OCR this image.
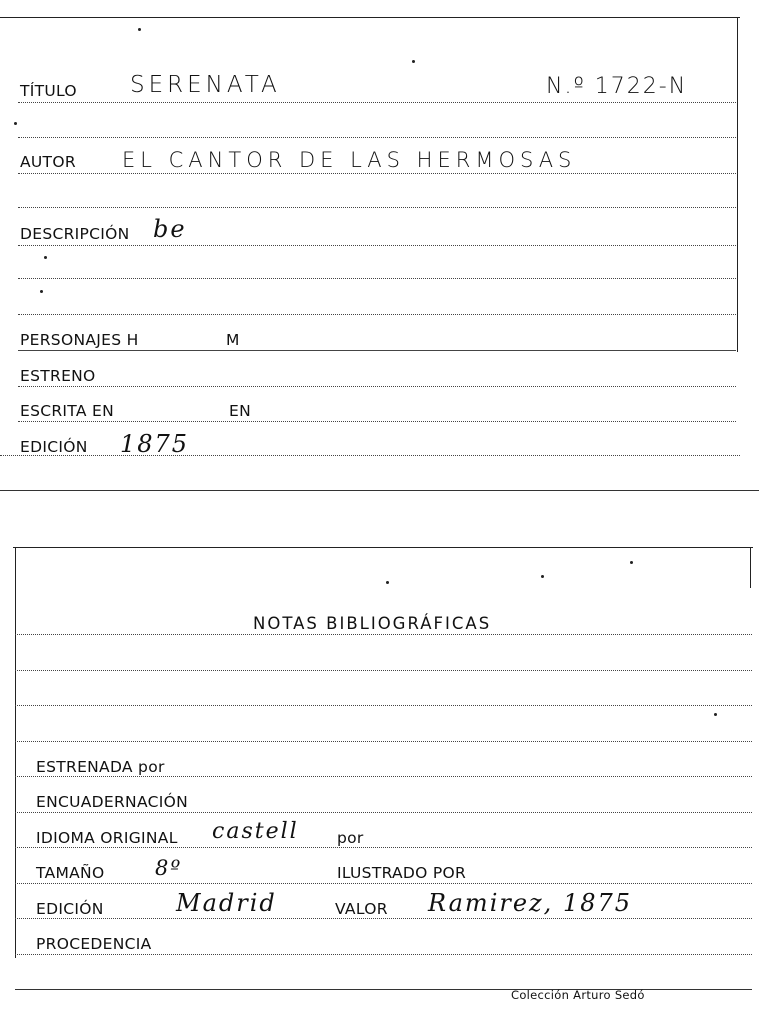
TÍTULO SERENATA	N.º 1722-N
AUTOR EL CANTOR DE LAS HERMOSAS
DESCRIPCIÓN be
PERSONAJES H	M
ESTRENO
ESCRITA EN	EN
EDICIÓN 1875
NOTAS BIBLIOGRÁFICAS
ESTRENADA por
ENCUADERNACIÓN
IDIOMA ORIGINAL castell por
TAMAÑO 8º	ILUSTRADO POR
EDICIÓN	Madrid	VALOR Ramirez, 1875
PROCEDENCIA
Colección Arturo Sedó
